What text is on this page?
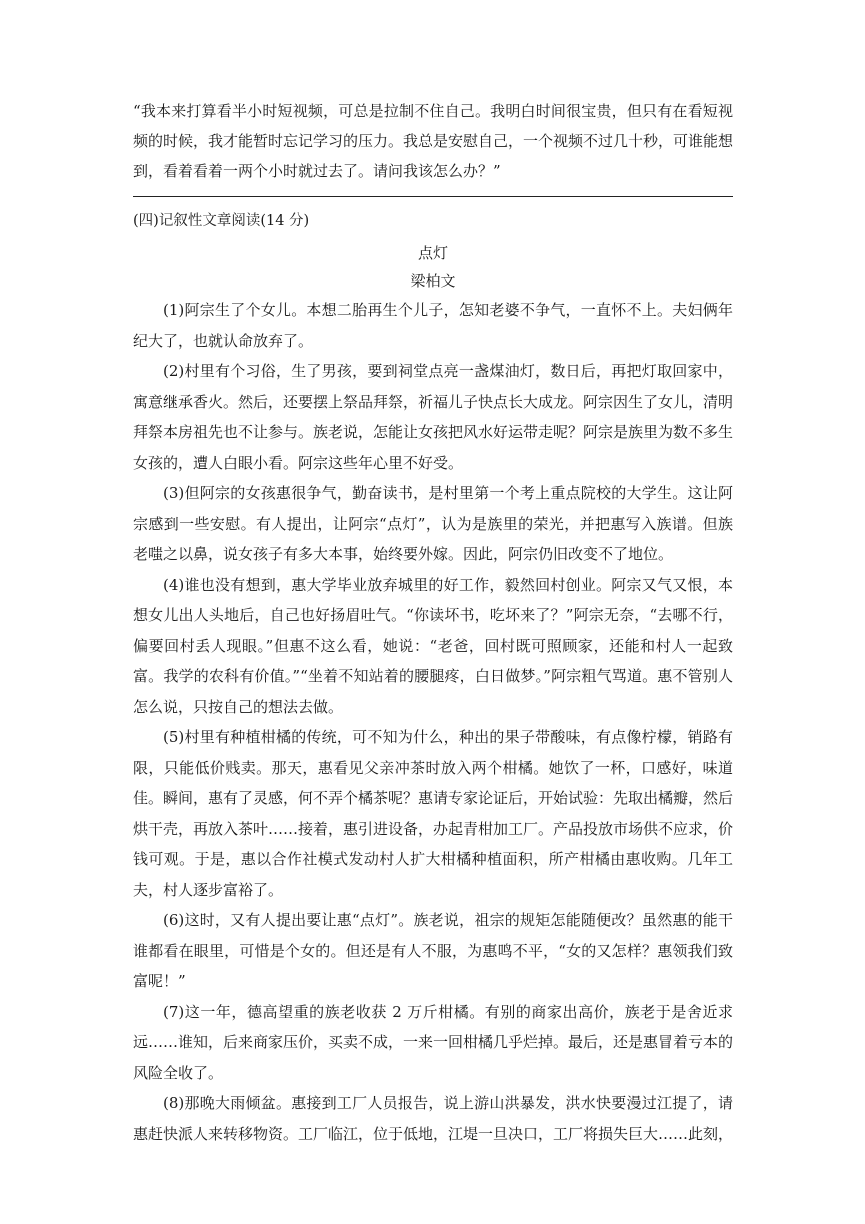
“我本来打算看半小时短视频，可总是拉制不住自己。我明白时间很宝贵，但只有在看短视频的时候，我才能暂时忘记学习的压力。我总是安慰自己，一个视频不过几十秒，可谁能想到，看着看着一两个小时就过去了。请问我该怎么办？”

(四)记叙性文章阅读(14 分)
点灯
梁柏文

(1)阿宗生了个女儿。本想二胎再生个儿子，怎知老婆不争气，一直怀不上。夫妇俩年纪大了，也就认命放弃了。

(2)村里有个习俗，生了男孩，要到祠堂点亮一盏煤油灯，数日后，再把灯取回家中，寓意继承香火。然后，还要摆上祭品拜祭，祈福儿子快点长大成龙。阿宗因生了女儿，清明拜祭本房祖先也不让参与。族老说，怎能让女孩把风水好运带走呢？阿宗是族里为数不多生女孩的，遭人白眼小看。阿宗这些年心里不好受。

(3)但阿宗的女孩惠很争气，勤奋读书，是村里第一个考上重点院校的大学生。这让阿宗感到一些安慰。有人提出，让阿宗“点灯”，认为是族里的荣光，并把惠写入族谱。但族老嗤之以鼻，说女孩子有多大本事，始终要外嫁。因此，阿宗仍旧改变不了地位。

(4)谁也没有想到，惠大学毕业放弃城里的好工作，毅然回村创业。阿宗又气又恨，本想女儿出人头地后，自己也好扬眉吐气。“你读坏书，吃坏来了？”阿宗无奈，“去哪不行，偏要回村丢人现眼。”但惠不这么看，她说：“老爸，回村既可照顾家，还能和村人一起致富。我学的农科有价值。”“坐着不知站着的腰腿疼，白日做梦。”阿宗粗气骂道。惠不管别人怎么说，只按自己的想法去做。

(5)村里有种植柑橘的传统，可不知为什么，种出的果子带酸味，有点像柠檬，销路有限，只能低价贱卖。那天，惠看见父亲冲茶时放入两个柑橘。她饮了一杯，口感好，味道佳。瞬间，惠有了灵感，何不弄个橘茶呢？惠请专家论证后，开始试验：先取出橘瓣，然后烘干壳，再放入茶叶……接着，惠引进设备，办起青柑加工厂。产品投放市场供不应求，价钱可观。于是，惠以合作社模式发动村人扩大柑橘种植面积，所产柑橘由惠收购。几年工夫，村人逐步富裕了。

(6)这时，又有人提出要让惠“点灯”。族老说，祖宗的规矩怎能随便改？虽然惠的能干谁都看在眼里，可惜是个女的。但还是有人不服，为惠鸣不平，“女的又怎样？惠领我们致富呢！”

(7)这一年，德高望重的族老收获 2 万斤柑橘。有别的商家出高价，族老于是舍近求远……谁知，后来商家压价，买卖不成，一来一回柑橘几乎烂掉。最后，还是惠冒着亏本的风险全收了。

(8)那晚大雨倾盆。惠接到工厂人员报告，说上游山洪暴发，洪水快要漫过江提了，请惠赶快派人来转移物资。工厂临江，位于低地，江堤一旦决口，工厂将损失巨大……此刻，
